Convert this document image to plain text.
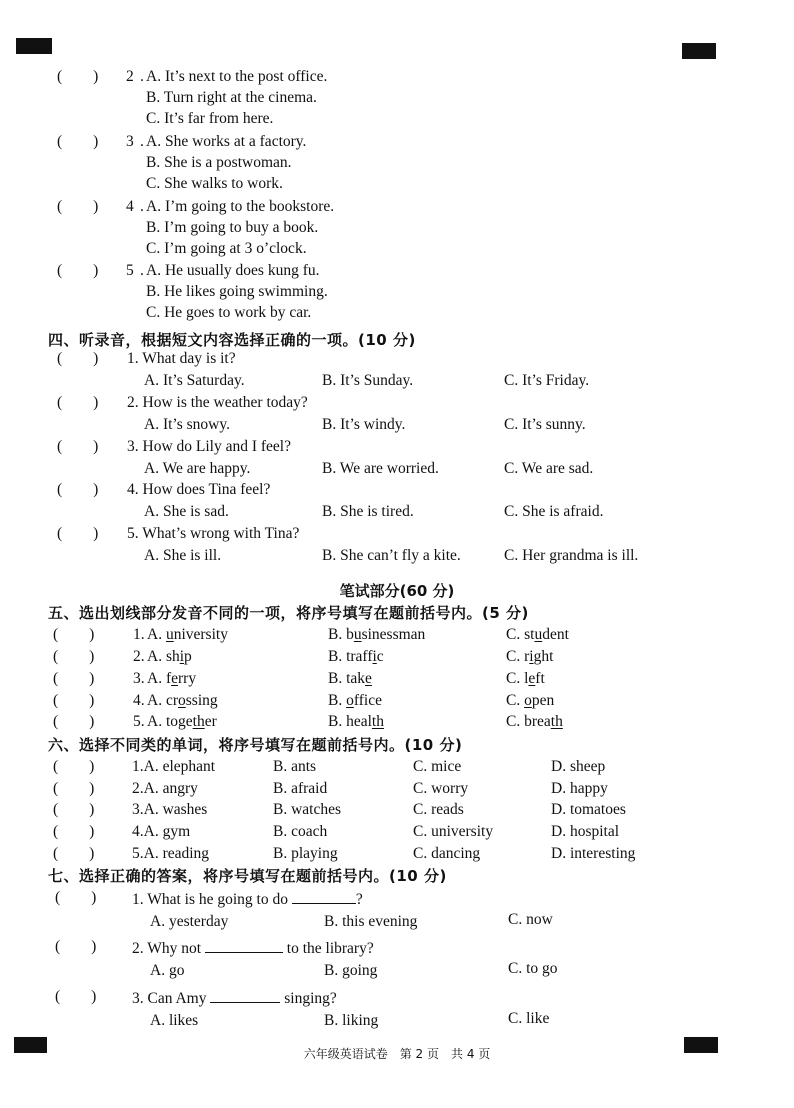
(        ) 2 . A. It’s next to the post office.
B. Turn right at the cinema.
C. It’s far from here.
(        ) 3 . A. She works at a factory.
B. She is a postwoman.
C. She walks to work.
(        ) 4 . A. I’m going to the bookstore.
B. I’m going to buy a book.
C. I’m going at 3 o’clock.
(        ) 5 . A. He usually does kung fu.
B. He likes going swimming.
C. He goes to work by car.
四、听录音，根据短文内容选择正确的一项。(10 分)
(        ) 1. What day is it?
A. It’s Saturday.	B. It’s Sunday.	C. It’s Friday.
(        ) 2. How is the weather today?
A. It’s snowy.	B. It’s windy.	C. It’s sunny.
(        ) 3. How do Lily and I feel?
A. We are happy.	B. We are worried.	C. We are sad.
(        ) 4. How does Tina feel?
A. She is sad.	B. She is tired.	C. She is afraid.
(        ) 5. What’s wrong with Tina?
A. She is ill.	B. She can’t fly a kite.	C. Her grandma is ill.
笔试部分(60 分)
五、选出划线部分发音不同的一项，将序号填写在题前括号内。(5 分)
(        ) 1. A. university	B. businessman	C. student
(        ) 2. A. ship	B. traffic	C. right
(        ) 3. A. ferry	B. take	C. left
(        ) 4. A. crossing	B. office	C. open
(        ) 5. A. together	B. health	C. breath
六、选择不同类的单词，将序号填写在题前括号内。(10 分)
(        ) 1.A. elephant	B. ants	C. mice	D. sheep
(        ) 2.A. angry	B. afraid	C. worry	D. happy
(        ) 3.A. washes	B. watches	C. reads	D. tomatoes
(        ) 4.A. gym	B. coach	C. university	D. hospital
(        ) 5.A. reading	B. playing	C. dancing	D. interesting
七、选择正确的答案，将序号填写在题前括号内。(10 分)
(        ) 1. What is he going to do	?
A. yesterday	B. this evening	C. now
(        ) 2. Why not	to the library?
A. go	B. going	C. to go
(        ) 3. Can Amy	singing?
A. likes	B. liking	C. like
六年级英语试卷　第 2 页　共 4 页
